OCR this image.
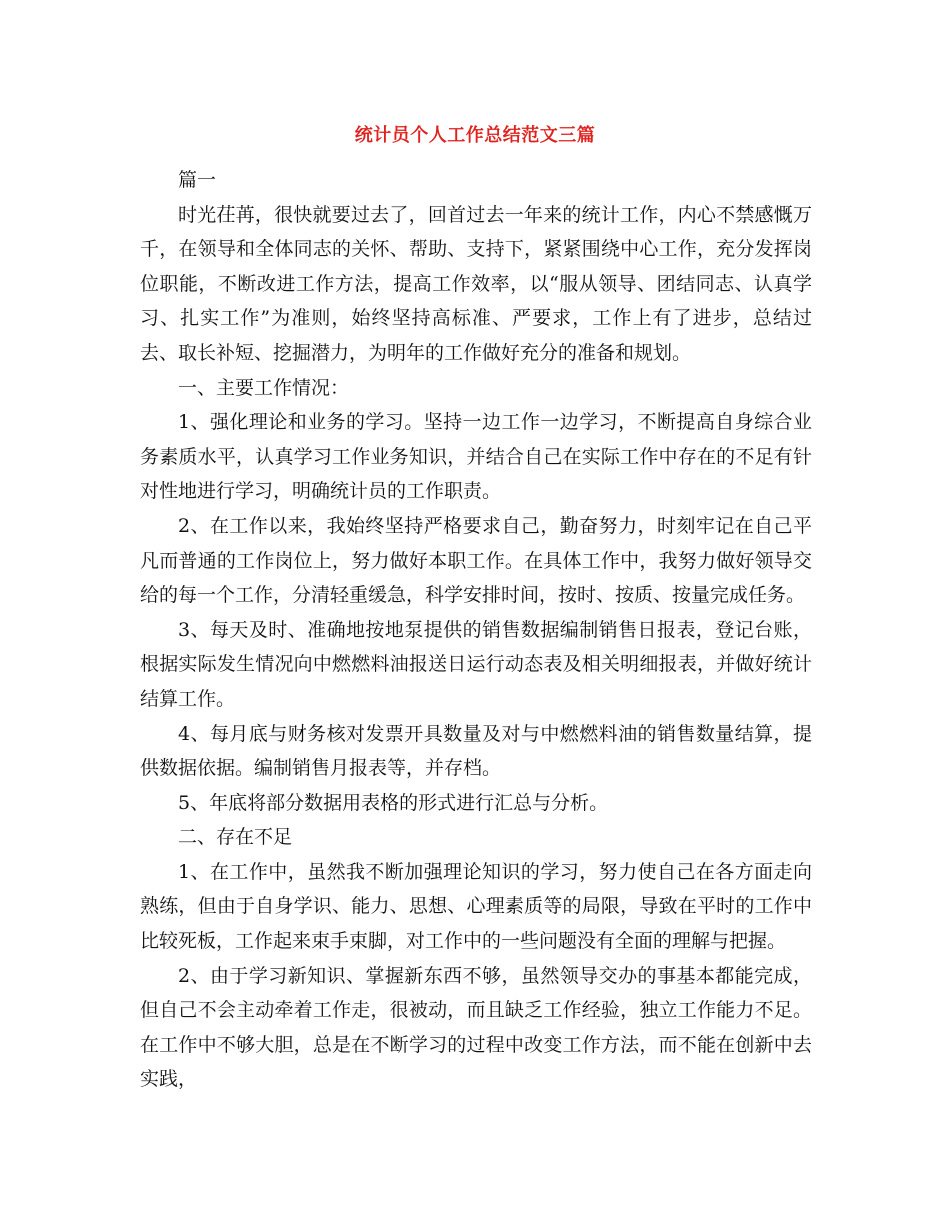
统计员个人工作总结范文三篇

篇一

时光茌苒，很快就要过去了，回首过去一年来的统计工作，内心不禁感慨万千，在领导和全体同志的关怀、帮助、支持下，紧紧围绕中心工作，充分发挥岗位职能，不断改进工作方法，提高工作效率，以“服从领导、团结同志、认真学习、扎实工作”为准则，始终坚持高标准、严要求，工作上有了进步，总结过去、取长补短、挖掘潜力，为明年的工作做好充分的准备和规划。

一、主要工作情况：

1、强化理论和业务的学习。坚持一边工作一边学习，不断提高自身综合业务素质水平，认真学习工作业务知识，并结合自己在实际工作中存在的不足有针对性地进行学习，明确统计员的工作职责。

2、在工作以来，我始终坚持严格要求自己，勤奋努力，时刻牢记在自己平凡而普通的工作岗位上，努力做好本职工作。在具体工作中，我努力做好领导交给的每一个工作，分清轻重缓急，科学安排时间，按时、按质、按量完成任务。

3、每天及时、准确地按地泵提供的销售数据编制销售日报表，登记台账，根据实际发生情况向中燃燃料油报送日运行动态表及相关明细报表，并做好统计结算工作。

4、每月底与财务核对发票开具数量及对与中燃燃料油的销售数量结算，提供数据依据。编制销售月报表等，并存档。

5、年底将部分数据用表格的形式进行汇总与分析。

二、存在不足

1、在工作中，虽然我不断加强理论知识的学习，努力使自己在各方面走向熟练，但由于自身学识、能力、思想、心理素质等的局限，导致在平时的工作中比较死板，工作起来束手束脚，对工作中的一些问题没有全面的理解与把握。

2、由于学习新知识、掌握新东西不够，虽然领导交办的事基本都能完成，但自己不会主动牵着工作走，很被动，而且缺乏工作经验，独立工作能力不足。在工作中不够大胆，总是在不断学习的过程中改变工作方法，而不能在创新中去实践，
